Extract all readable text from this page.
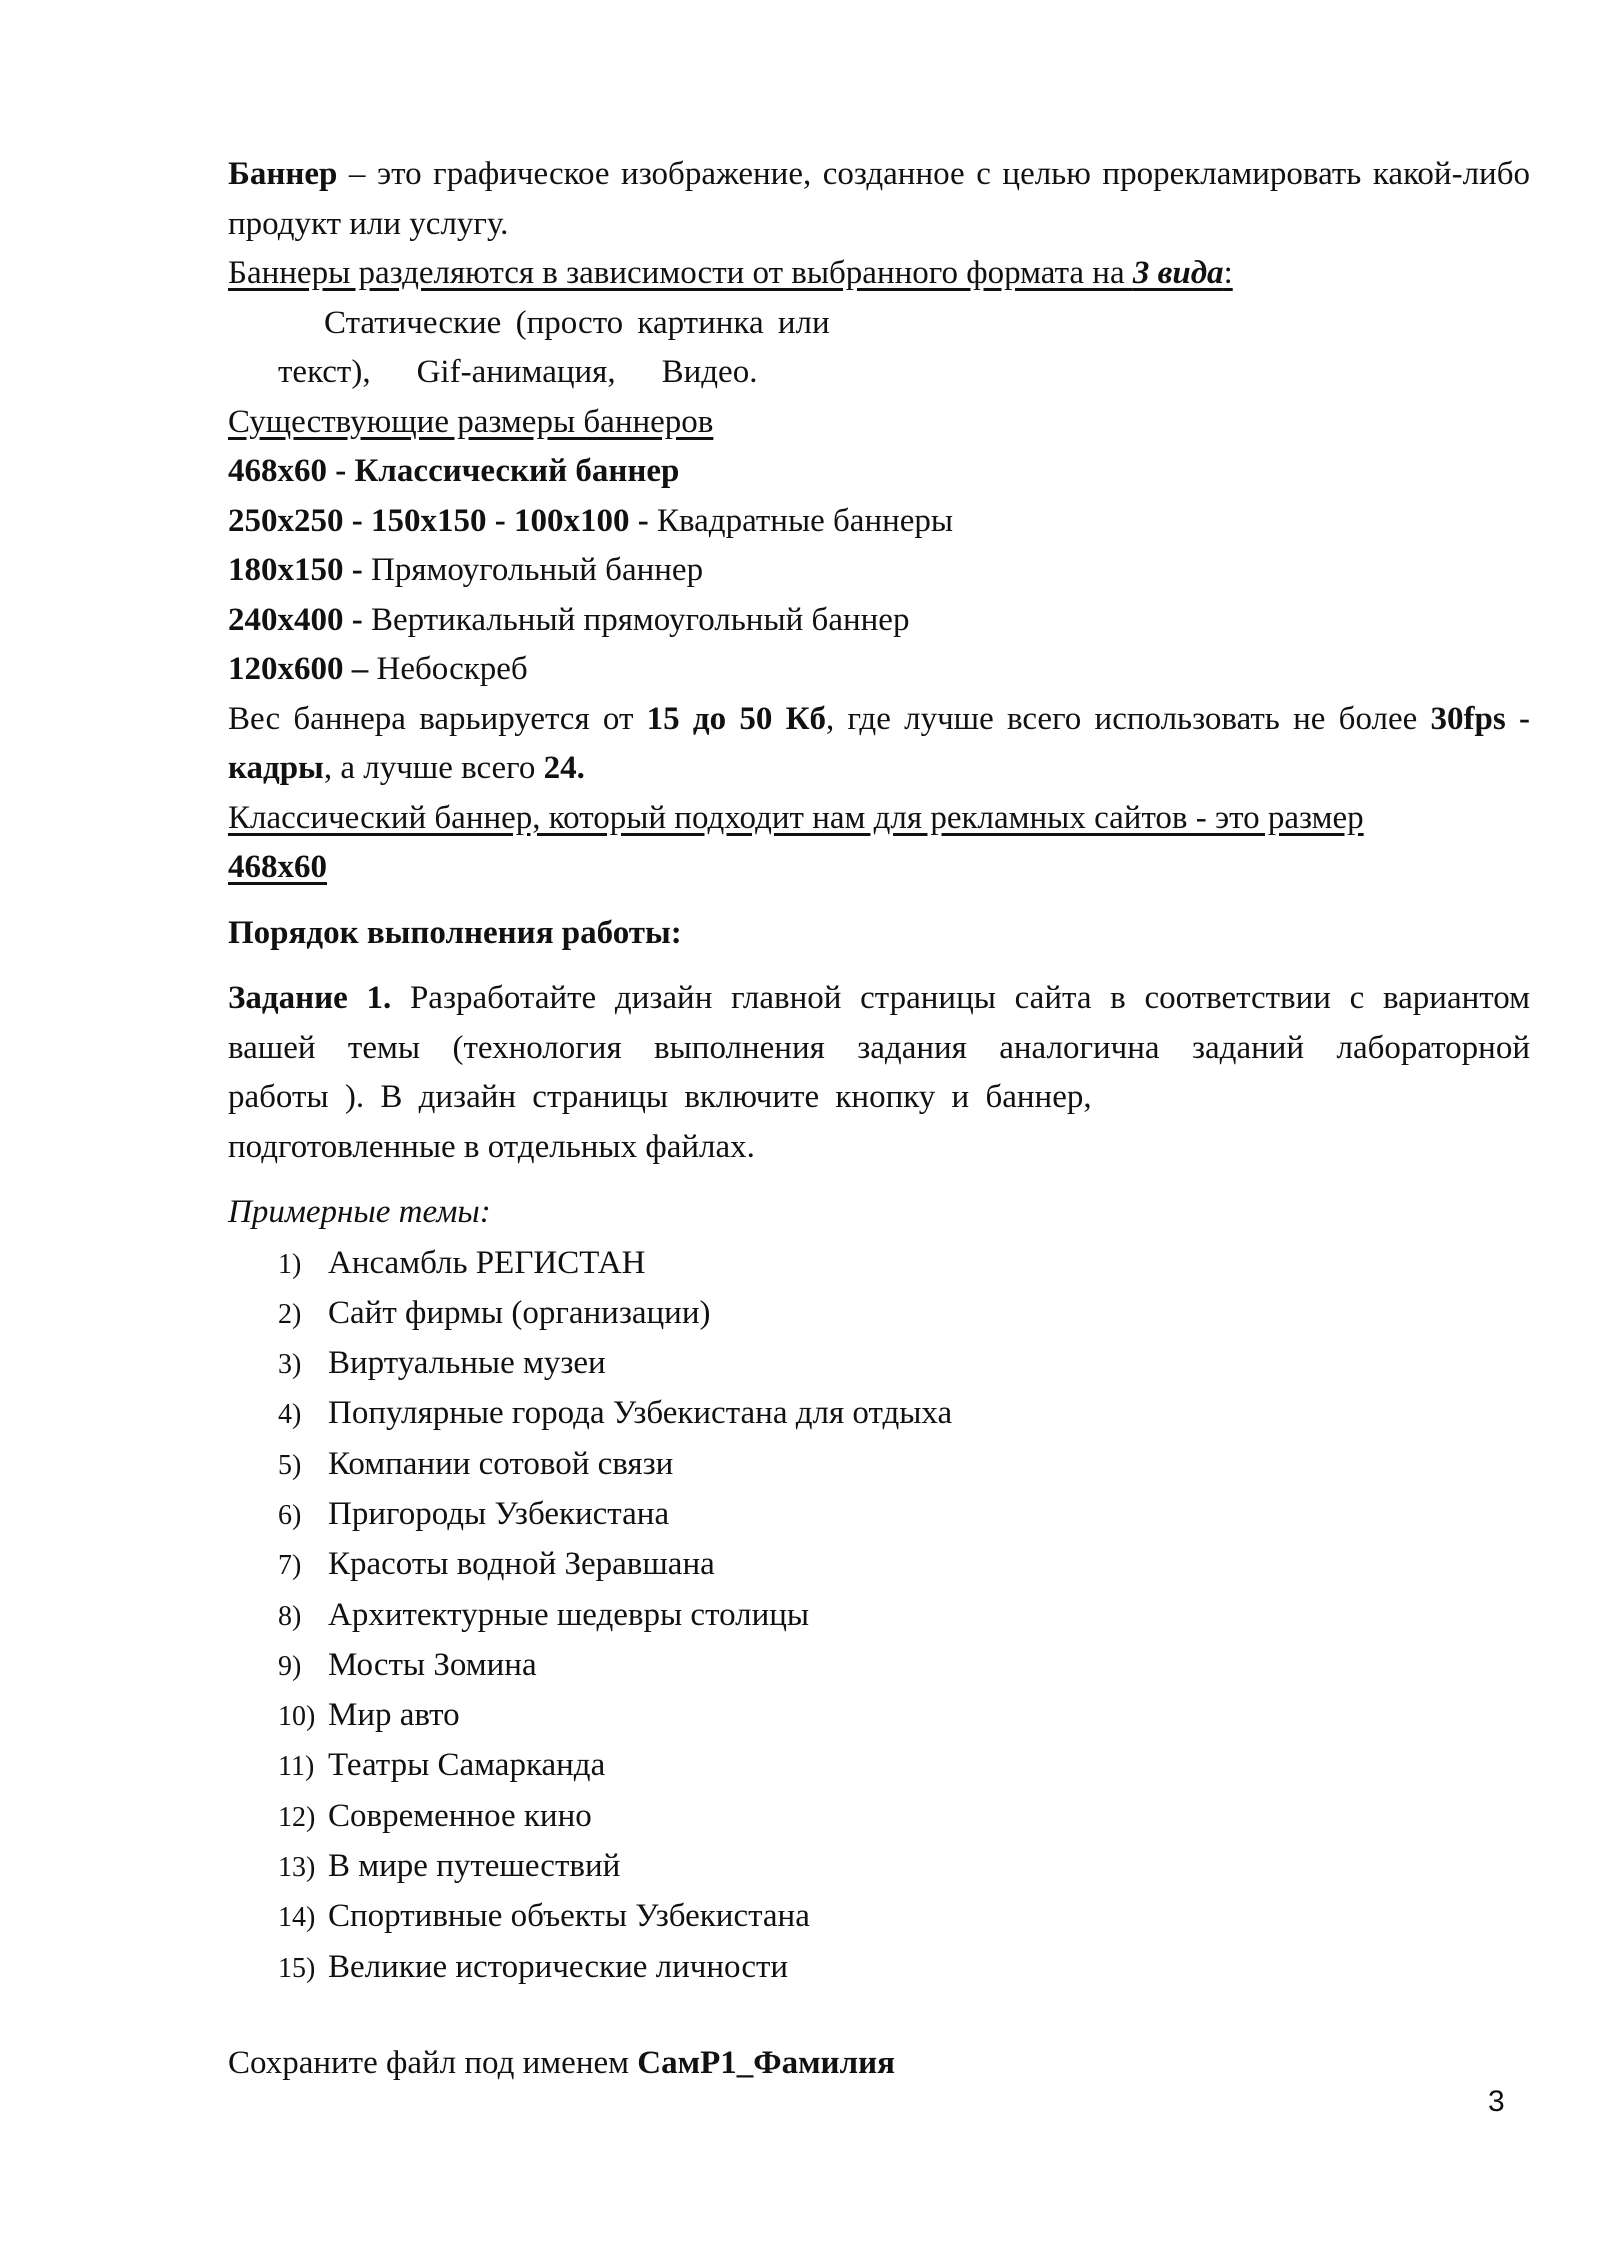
Баннер – это графическое изображение, созданное с целью прорекламировать какой-либо продукт или услугу.
Баннеры разделяются в зависимости от выбранного формата на 3 вида:
Статические (просто картинка или
текст), Gif-анимация, Видео.
Существующие размеры баннеров
468x60 - Классический баннер
250x250 - 150x150 - 100x100 - Квадратные баннеры
180x150 - Прямоугольный баннер
240x400 - Вертикальный прямоугольный баннер
120x600 – Небоскреб
Вес баннера варьируется от 15 до 50 Кб, где лучше всего использовать не более 30fps - кадры, а лучше всего 24.
Классический баннер, который подходит нам для рекламных сайтов - это размер
468x60
Порядок выполнения работы:
Задание 1. Разработайте дизайн главной страницы сайта в соответствии с вариантом вашей темы (технология выполнения задания аналогична заданий лабораторной работы ). В дизайн страницы включите кнопку и баннер,
подготовленные в отдельных файлах.
Примерные темы:
1) Ансамбль РЕГИСТАН
2) Сайт фирмы (организации)
3) Виртуальные музеи
4) Популярные города Узбекистана для отдыха
5) Компании сотовой связи
6) Пригороды Узбекистана
7) Красоты водной Зеравшана
8) Архитектурные шедевры столицы
9) Мосты Зомина
10) Мир авто
11) Театры Самарканда
12) Современное кино
13) В мире путешествий
14) Спортивные объекты Узбекистана
15) Великие исторические личности
Сохраните файл под именем СамР1_Фамилия
3
